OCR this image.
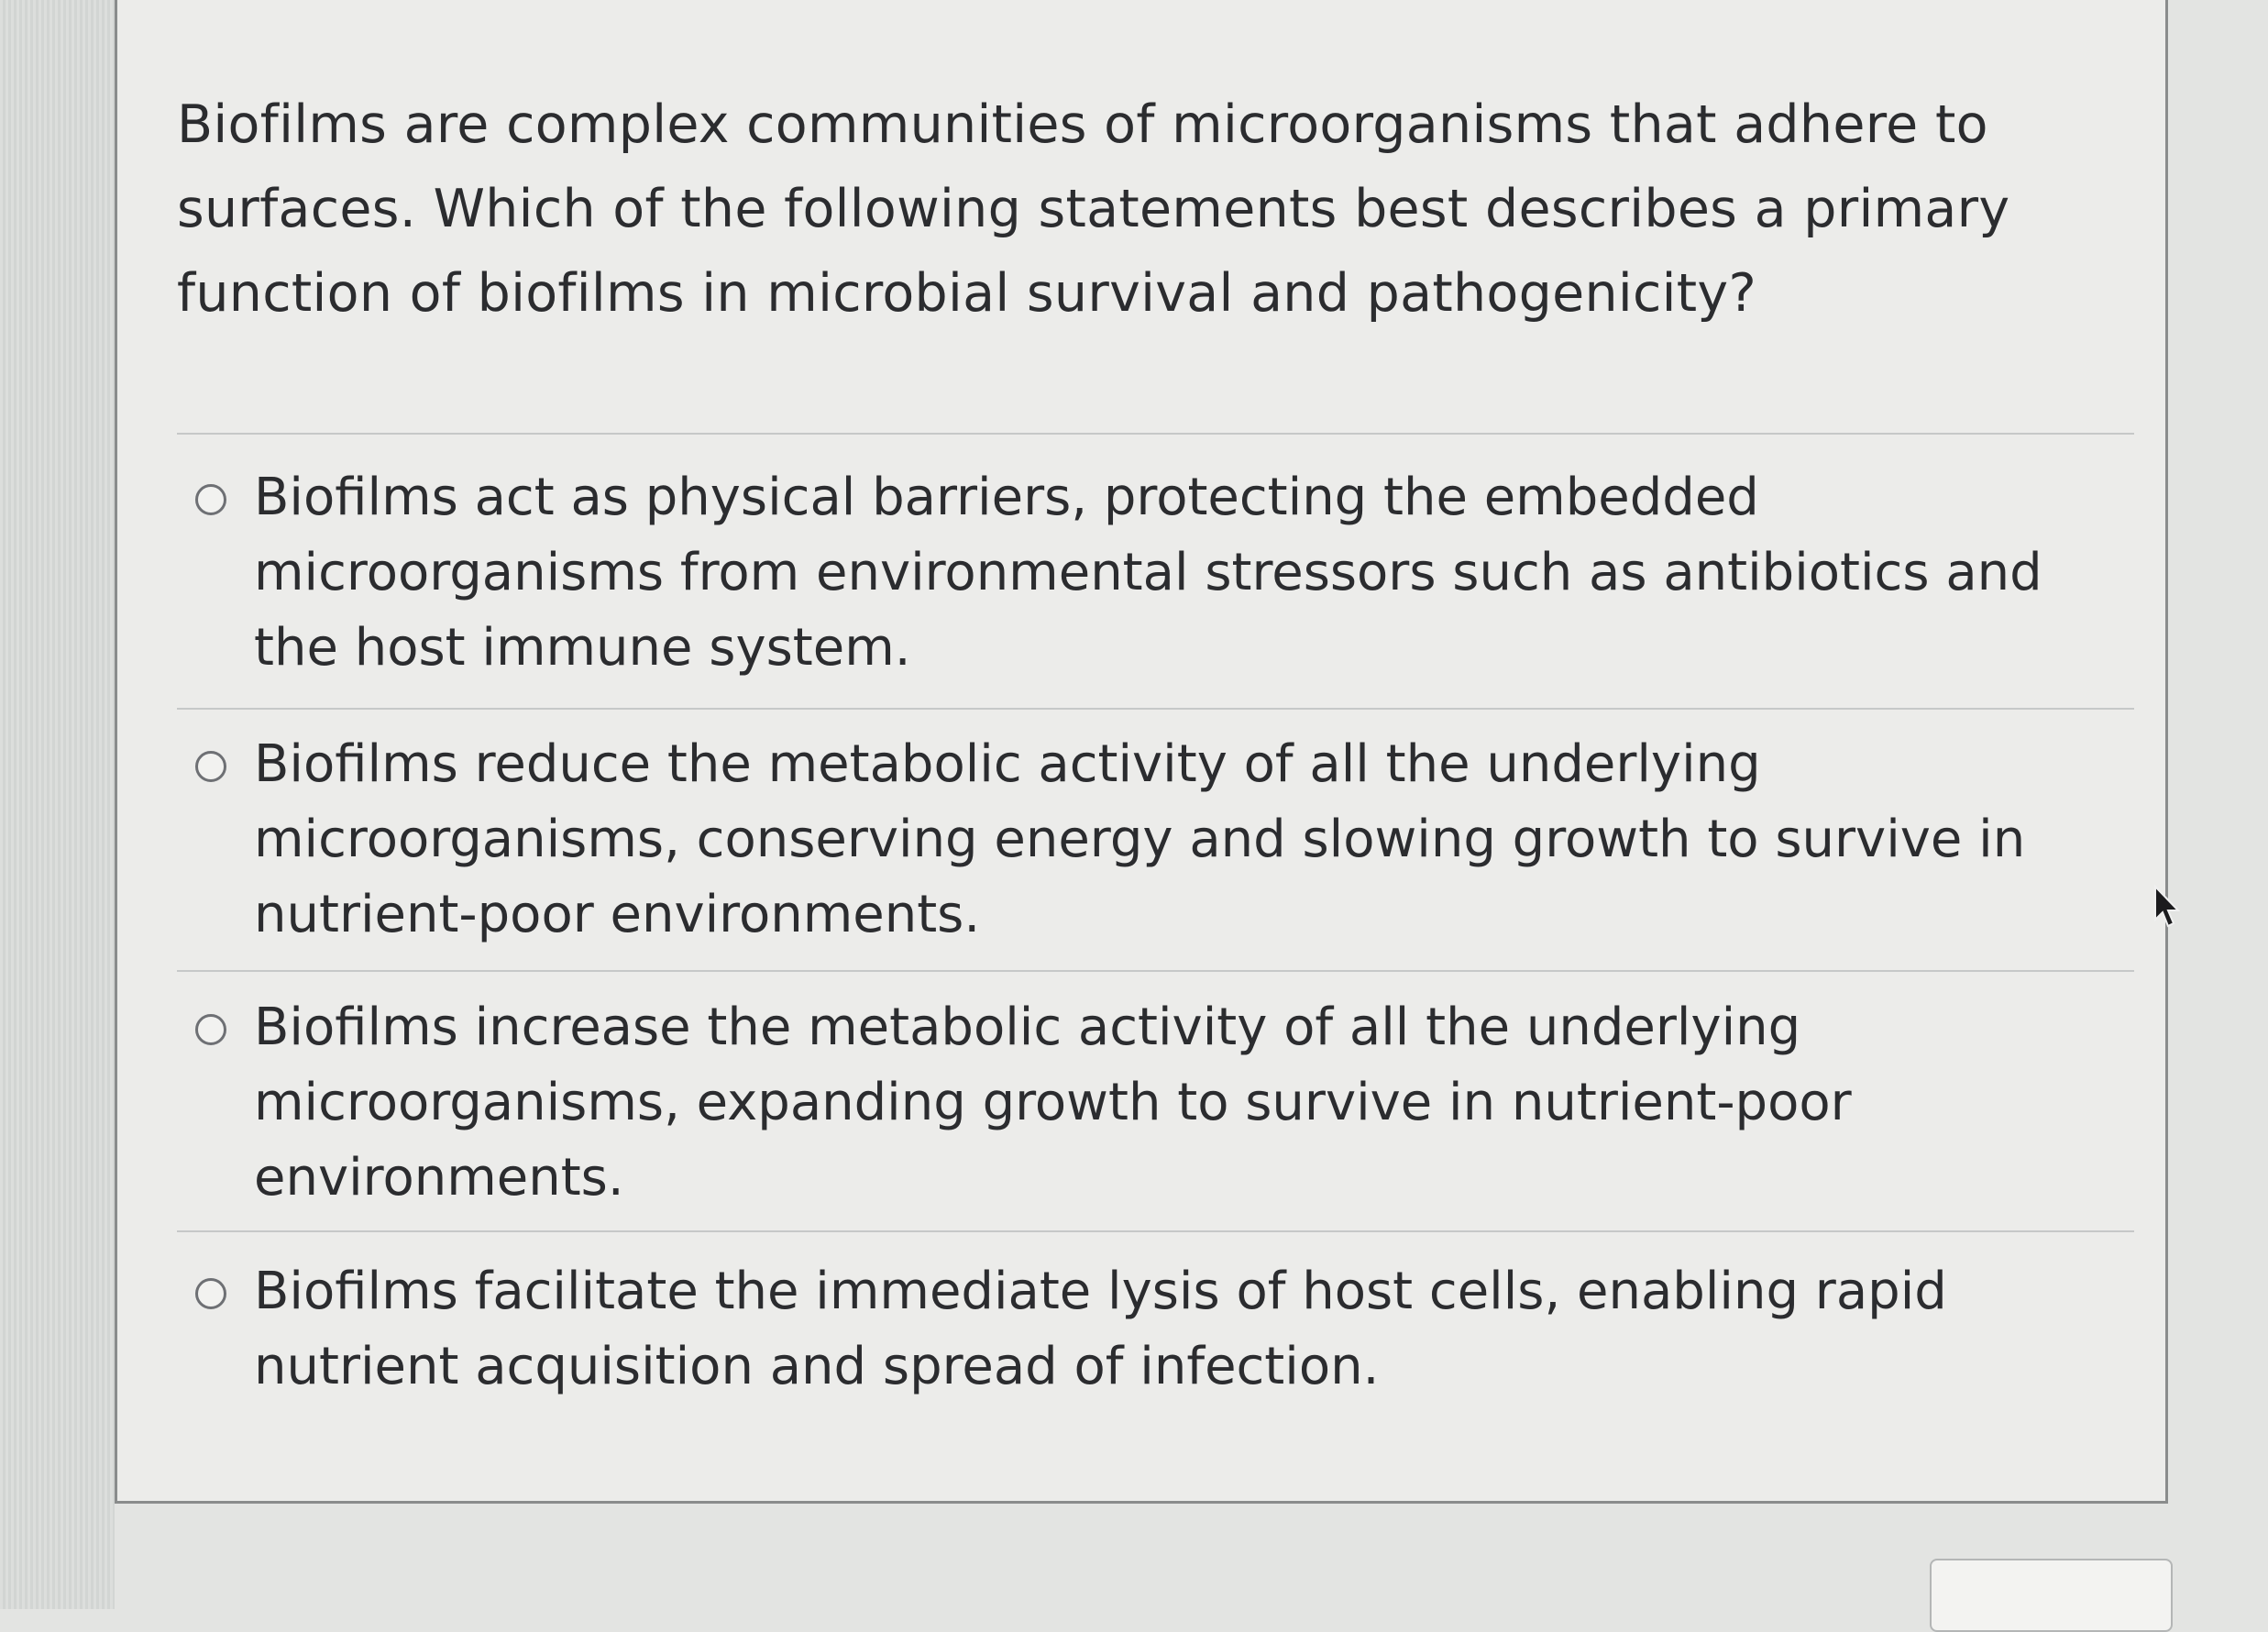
Biofilms are complex communities of microorganisms that adhere to surfaces. Which of the following statements best describes a primary function of biofilms in microbial survival and pathogenicity?

Biofilms act as physical barriers, protecting the embedded microorganisms from environmental stressors such as antibiotics and the host immune system.
Biofilms reduce the metabolic activity of all the underlying microorganisms, conserving energy and slowing growth to survive in nutrient-poor environments.
Biofilms increase the metabolic activity of all the underlying microorganisms, expanding growth to survive in nutrient-poor environments.
Biofilms facilitate the immediate lysis of host cells, enabling rapid nutrient acquisition and spread of infection.
